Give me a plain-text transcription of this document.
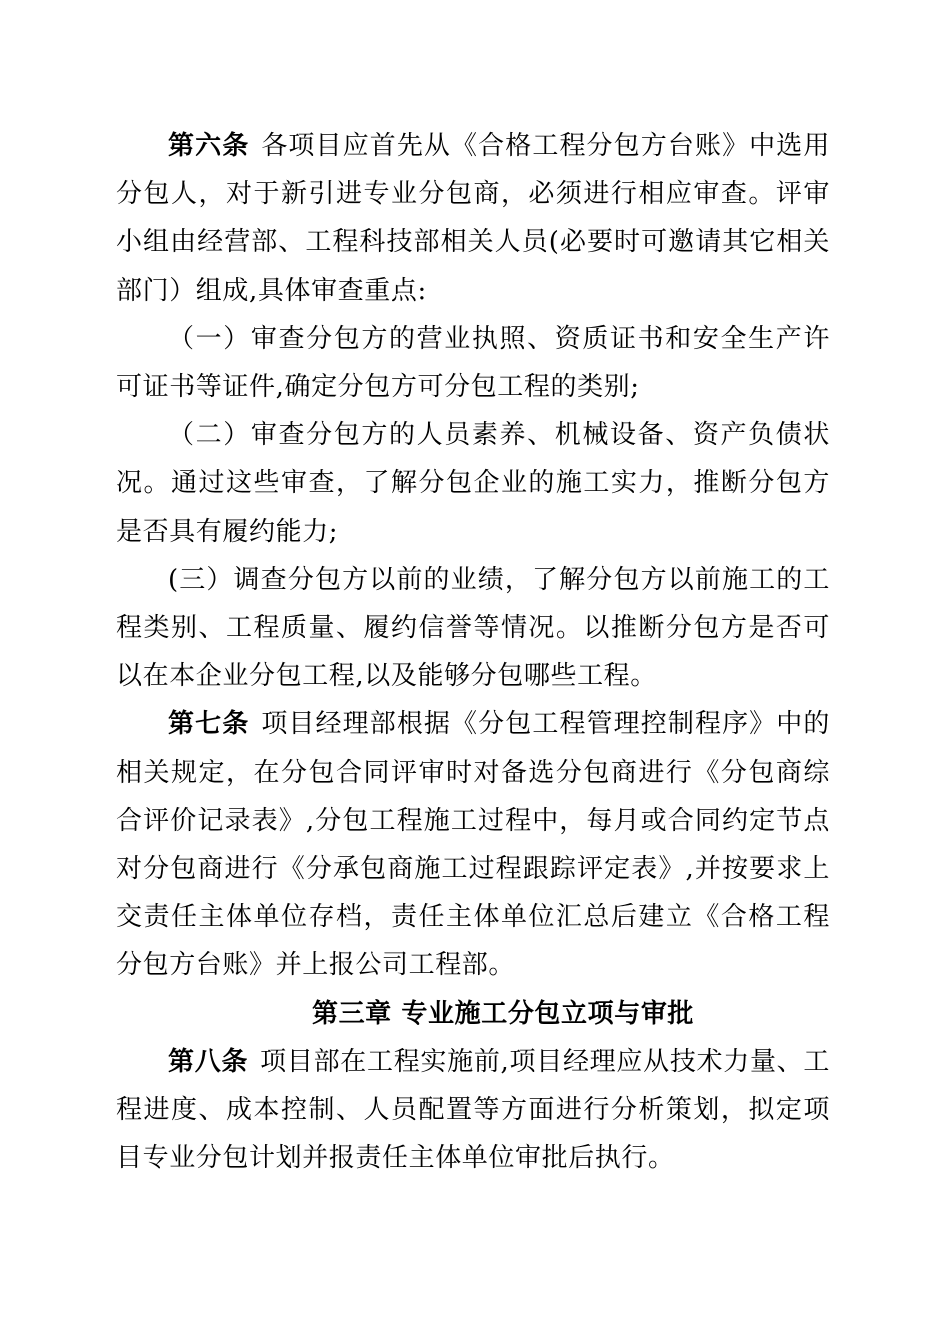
第六条 各项目应首先从《合格工程分包方台账》中选用分包人，对于新引进专业分包商，必须进行相应审查。评审小组由经营部、工程科技部相关人员(必要时可邀请其它相关部门）组成,具体审查重点:

（一）审查分包方的营业执照、资质证书和安全生产许可证书等证件,确定分包方可分包工程的类别;

（二）审查分包方的人员素养、机械设备、资产负债状况。通过这些审查，了解分包企业的施工实力，推断分包方是否具有履约能力;

(三）调查分包方以前的业绩，了解分包方以前施工的工程类别、工程质量、履约信誉等情况。以推断分包方是否可以在本企业分包工程,以及能够分包哪些工程。

第七条 项目经理部根据《分包工程管理控制程序》中的相关规定，在分包合同评审时对备选分包商进行《分包商综合评价记录表》,分包工程施工过程中，每月或合同约定节点对分包商进行《分承包商施工过程跟踪评定表》,并按要求上交责任主体单位存档，责任主体单位汇总后建立《合格工程分包方台账》并上报公司工程部。

第三章 专业施工分包立项与审批

第八条 项目部在工程实施前,项目经理应从技术力量、工程进度、成本控制、人员配置等方面进行分析策划，拟定项目专业分包计划并报责任主体单位审批后执行。
